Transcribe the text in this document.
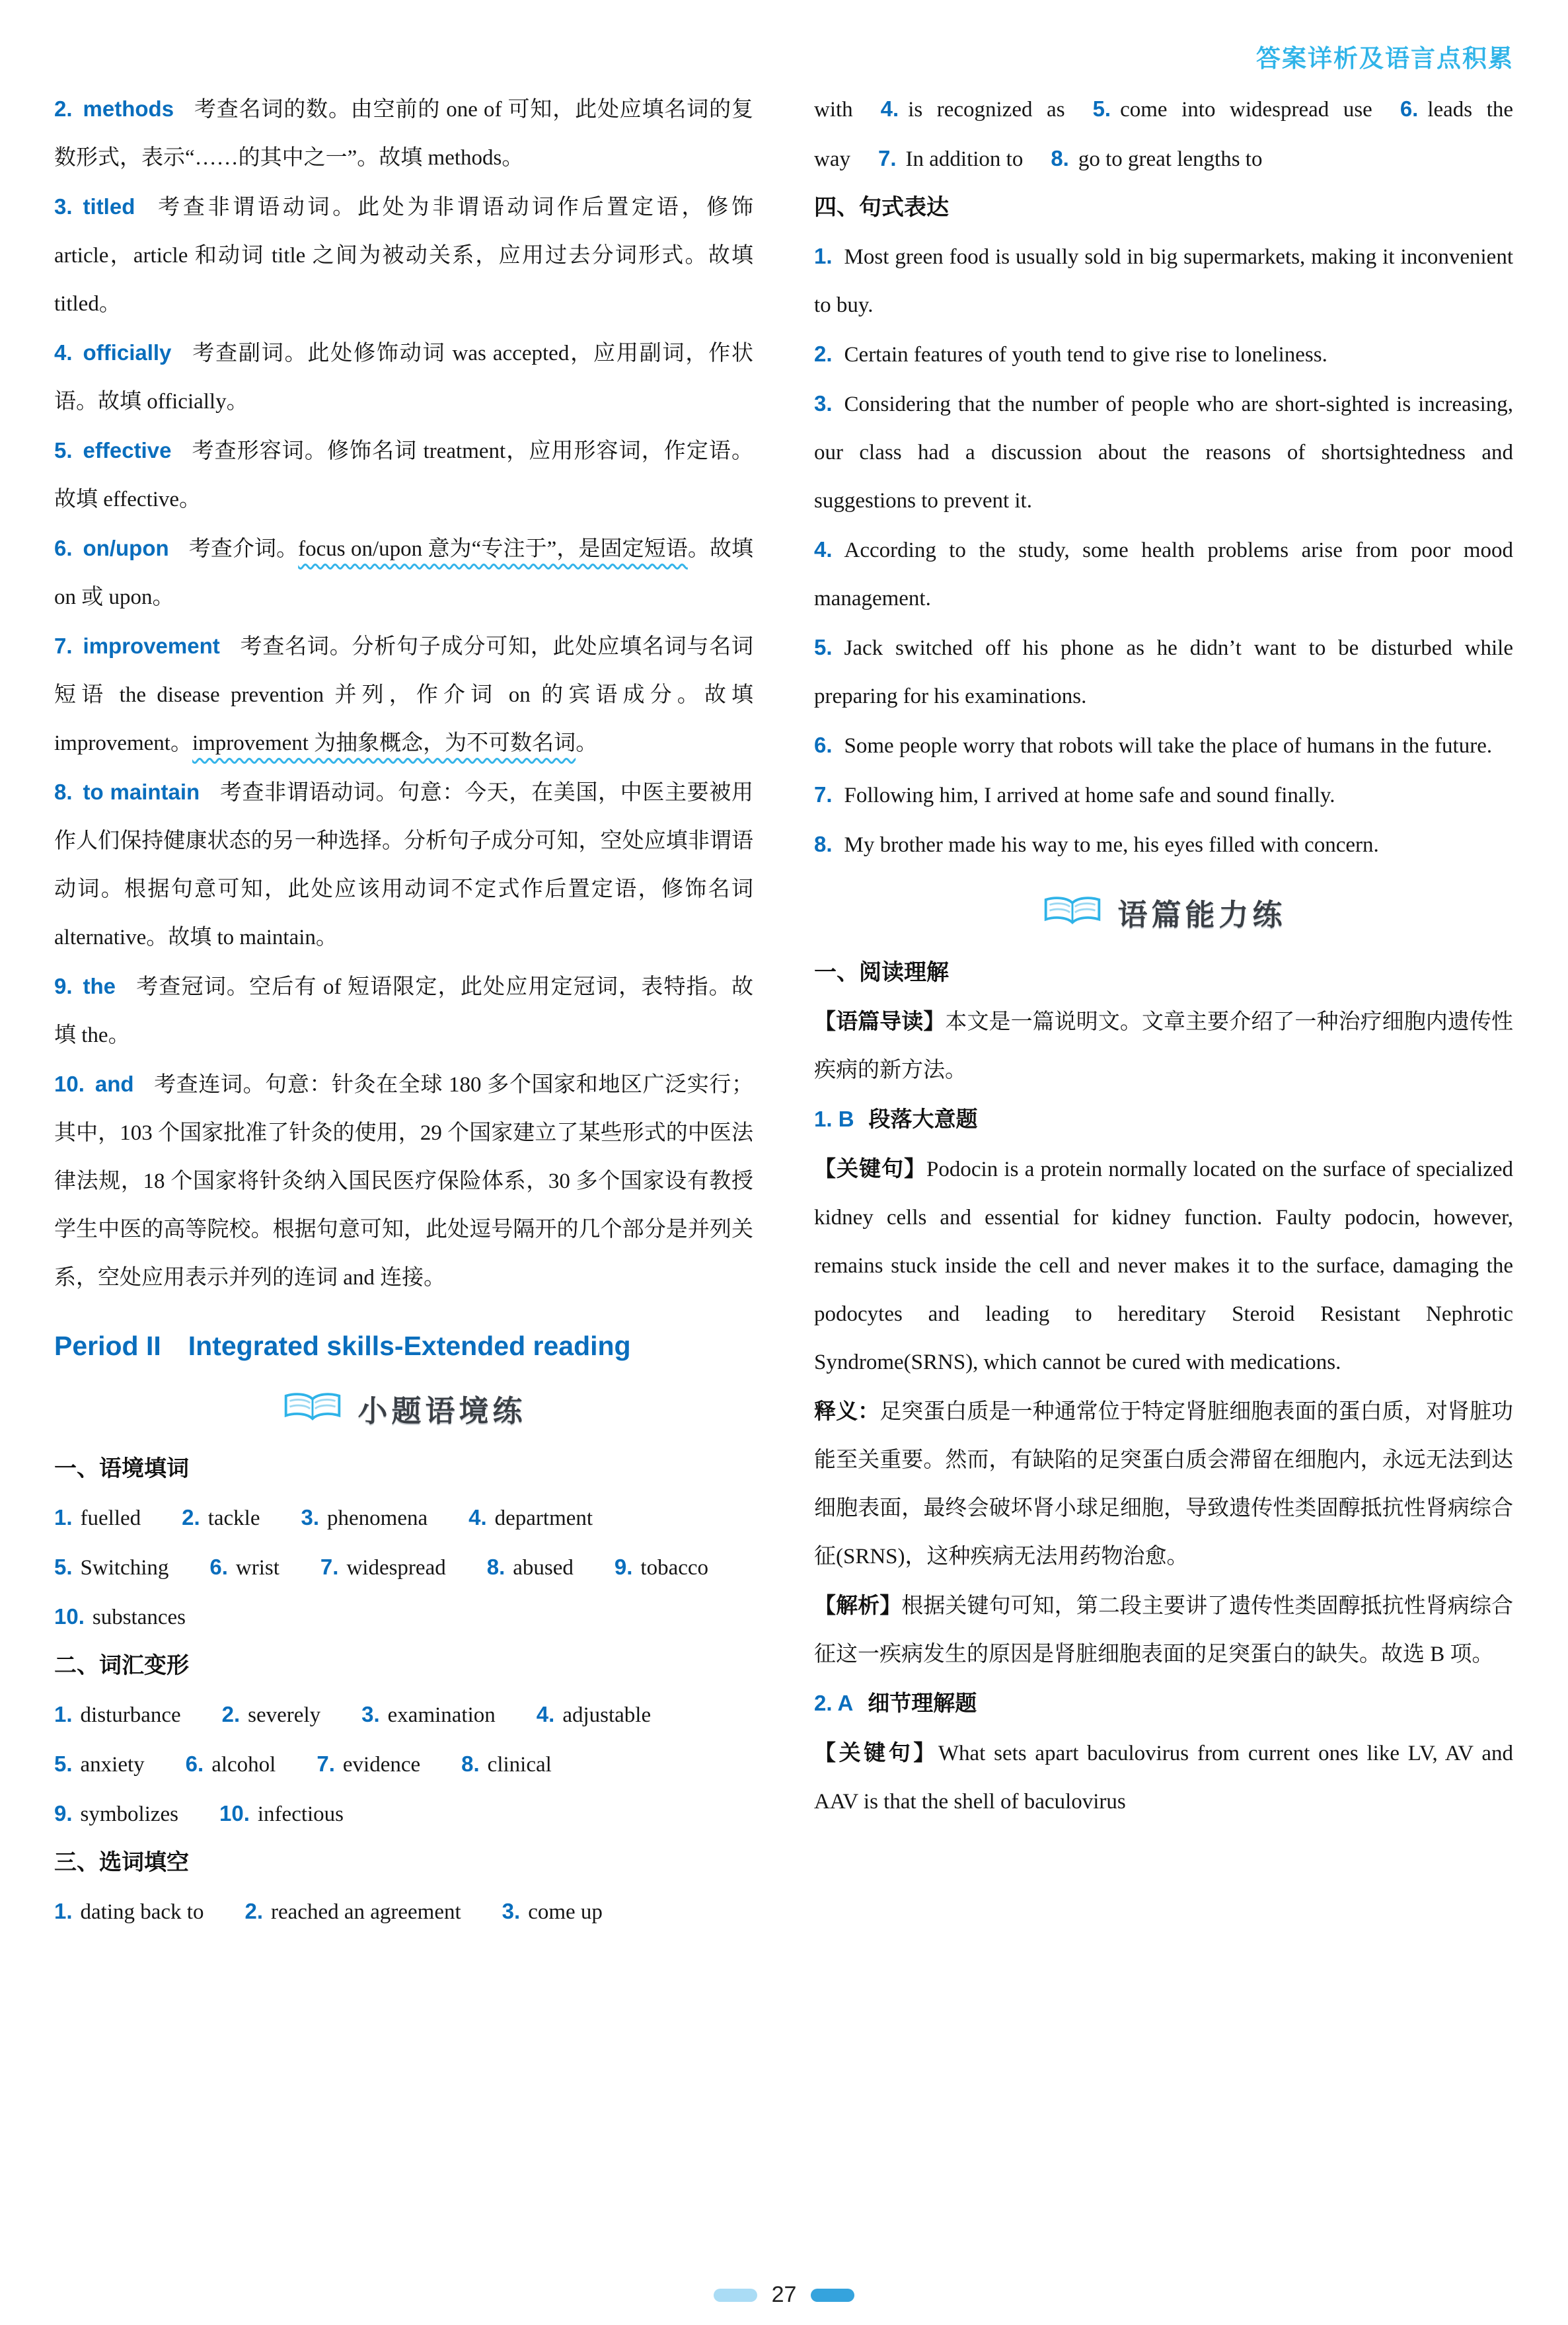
答案详析及语言点积累

2. methods 考查名词的数。由空前的 one of 可知，此处应填名词的复数形式，表示“……的其中之一”。故填 methods。

3. titled 考查非谓语动词。此处为非谓语动词作后置定语，修饰 article，article 和动词 title 之间为被动关系，应用过去分词形式。故填 titled。

4. officially 考查副词。此处修饰动词 was accepted，应用副词，作状语。故填 officially。

5. effective 考查形容词。修饰名词 treatment，应用形容词，作定语。故填 effective。

6. on/upon 考查介词。focus on/upon 意为“专注于”，是固定短语。故填 on 或 upon。

7. improvement 考查名词。分析句子成分可知，此处应填名词与名词短语 the disease prevention 并列，作介词 on 的宾语成分。故填 improvement。improvement 为抽象概念，为不可数名词。

8. to maintain 考查非谓语动词。句意：今天，在美国，中医主要被用作人们保持健康状态的另一种选择。分析句子成分可知，空处应填非谓语动词。根据句意可知，此处应该用动词不定式作后置定语，修饰名词 alternative。故填 to maintain。

9. the 考查冠词。空后有 of 短语限定，此处应用定冠词，表特指。故填 the。

10. and 考查连词。句意：针灸在全球 180 多个国家和地区广泛实行；其中，103 个国家批准了针灸的使用，29 个国家建立了某些形式的中医法律法规，18 个国家将针灸纳入国民医疗保险体系，30 多个国家设有教授学生中医的高等院校。根据句意可知，此处逗号隔开的几个部分是并列关系，空处应用表示并列的连词 and 连接。

Period II　Integrated skills-Extended reading
小题语境练
一、语境填词
1. fuelled 2. tackle 3. phenomena 4. department5. Switching 6. wrist 7. widespread 8. abused 9. tobacco10. substances
二、词汇变形
1. disturbance 2. severely 3. examination 4. adjustable5. anxiety 6. alcohol 7. evidence 8. clinical9. symbolizes 10. infectious
三、选词填空
1. dating back to 2. reached an agreement 3. come up

with 4. is recognized as 5. come into widespread use 6. leads the way 7. In addition to 8. go to great lengths to

四、句式表达

1. Most green food is usually sold in big supermarkets, making it inconvenient to buy.

2. Certain features of youth tend to give rise to loneliness.

3. Considering that the number of people who are short-sighted is increasing, our class had a discussion about the reasons of shortsightedness and suggestions to prevent it.

4. According to the study, some health problems arise from poor mood management.

5. Jack switched off his phone as he didn’t want to be disturbed while preparing for his examinations.

6. Some people worry that robots will take the place of humans in the future.

7. Following him, I arrived at home safe and sound finally.

8. My brother made his way to me, his eyes filled with concern.

语篇能力练
一、阅读理解

【语篇导读】本文是一篇说明文。文章主要介绍了一种治疗细胞内遗传性疾病的新方法。

1. B 段落大意题

【关键句】Podocin is a protein normally located on the surface of specialized kidney cells and essential for kidney function. Faulty podocin, however, remains stuck inside the cell and never makes it to the surface, damaging the podocytes and leading to hereditary Steroid Resistant Nephrotic Syndrome(SRNS), which cannot be cured with medications.

释义：足突蛋白质是一种通常位于特定肾脏细胞表面的蛋白质，对肾脏功能至关重要。然而，有缺陷的足突蛋白质会滞留在细胞内，永远无法到达细胞表面，最终会破坏肾小球足细胞，导致遗传性类固醇抵抗性肾病综合征(SRNS)，这种疾病无法用药物治愈。

【解析】根据关键句可知，第二段主要讲了遗传性类固醇抵抗性肾病综合征这一疾病发生的原因是肾脏细胞表面的足突蛋白的缺失。故选 B 项。

2. A 细节理解题

【关键句】What sets apart baculovirus from current ones like LV, AV and AAV is that the shell of baculovirus

27
